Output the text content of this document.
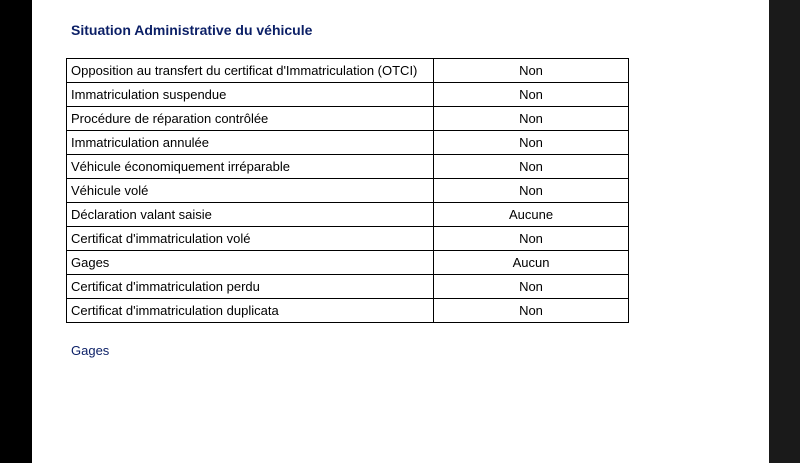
Situation Administrative du véhicule
Opposition au transfert du certificat d'Immatriculation (OTCI)	Non
Immatriculation suspendue	Non
Procédure de réparation contrôlée	Non
Immatriculation annulée	Non
Véhicule économiquement irréparable	Non
Véhicule volé	Non
Déclaration valant saisie	Aucune
Certificat d'immatriculation volé	Non
Gages	Aucun
Certificat d'immatriculation perdu	Non
Certificat d'immatriculation duplicata	Non
Gages
